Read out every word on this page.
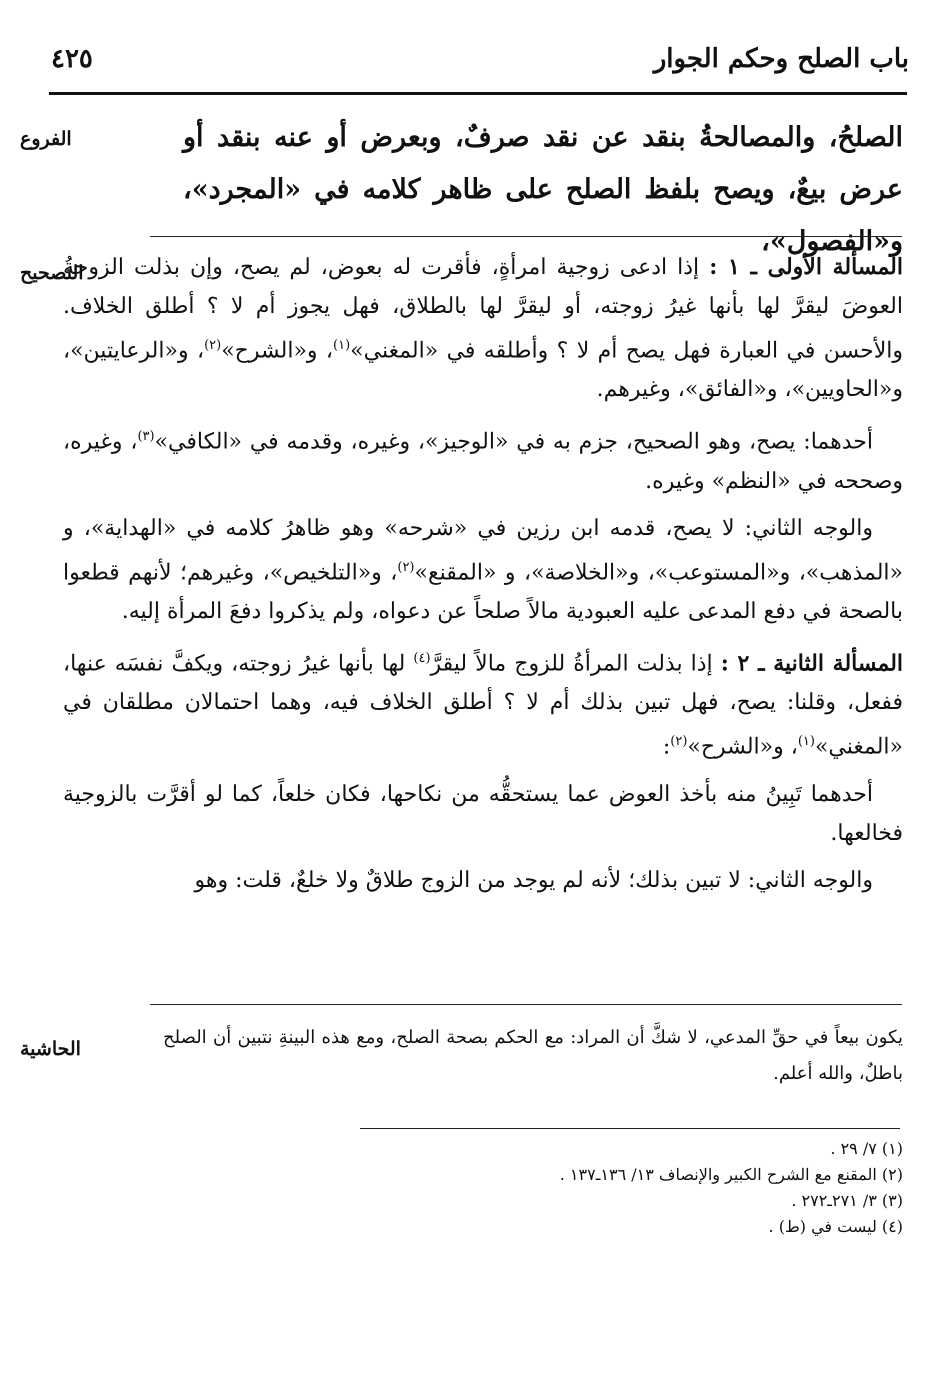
باب الصلح وحكم الجوار
٤٢٥
الفروع	الصلحُ، والمصالحةُ بنقد عن نقد صرفٌ، وبعرض أو عنه بنقد أو عرض بيعٌ، ويصح بلفظ الصلح على ظاهر كلامه في «المجرد»، و«الفصول»،
التصحيح	المسألة الأولى ـ ١ : إذا ادعى زوجية امرأةٍ، فأقرت له بعوض، لم يصح، وإن بذلت الزوجةُ العوضَ ليقرَّ لها بأنها غيرُ زوجته، أو ليقرَّ لها بالطلاق، فهل يجوز أم لا ؟ أطلق الخلاف. والأحسن في العبارة فهل يصح أم لا ؟ وأطلقه في «المغني»$^{(١)}$، و«الشرح»$^{(٢)}$، و«الرعايتين»، و«الحاويين»، و«الفائق»، وغيرهم.

أحدهما: يصح، وهو الصحيح، جزم به في «الوجيز»، وغيره، وقدمه في «الكافي»$^{(٣)}$، وغيره، وصححه في «النظم» وغيره.

والوجه الثاني: لا يصح، قدمه ابن رزين في «شرحه» وهو ظاهرُ كلامه في «الهداية»، و «المذهب»، و«المستوعب»، و«الخلاصة»، و «المقنع»$^{(٢)}$، و«التلخيص»، وغيرهم؛ لأنهم قطعوا بالصحة في دفع المدعى عليه العبودية مالاً صلحاً عن دعواه، ولم يذكروا دفعَ المرأة إليه.

المسألة الثانية ـ ٢ : إذا بذلت المرأةُ للزوج مالاً ليقرَّ$^{(٤)}$ لها بأنها غيرُ زوجته، ويكفَّ نفسَه عنها، ففعل، وقلنا: يصح، فهل تبين بذلك أم لا ؟ أطلق الخلاف فيه، وهما احتمالان مطلقان في «المغني»$^{(١)}$، و«الشرح»$^{(٢)}$:

أحدهما تَبِينُ منه بأخذ العوض عما يستحقُّه من نكاحها، فكان خلعاً، كما لو أقرَّت بالزوجية فخالعها.

والوجه الثاني: لا تبين بذلك؛ لأنه لم يوجد من الزوج طلاقٌ ولا خلعٌ، قلت: وهو

الحاشية
يكون بيعاً في حقِّ المدعي، لا شكَّ أن المراد: مع الحكم بصحة الصلح، ومع هذه البينةِ نتبين أن الصلح باطلٌ، والله أعلم.

(١) ٧/ ٢٩ .

(٢) المقنع مع الشرح الكبير والإنصاف ١٣/ ١٣٦ـ١٣٧ .

(٣) ٣/ ٢٧١ـ٢٧٢ .

(٤) ليست في (ط) .
